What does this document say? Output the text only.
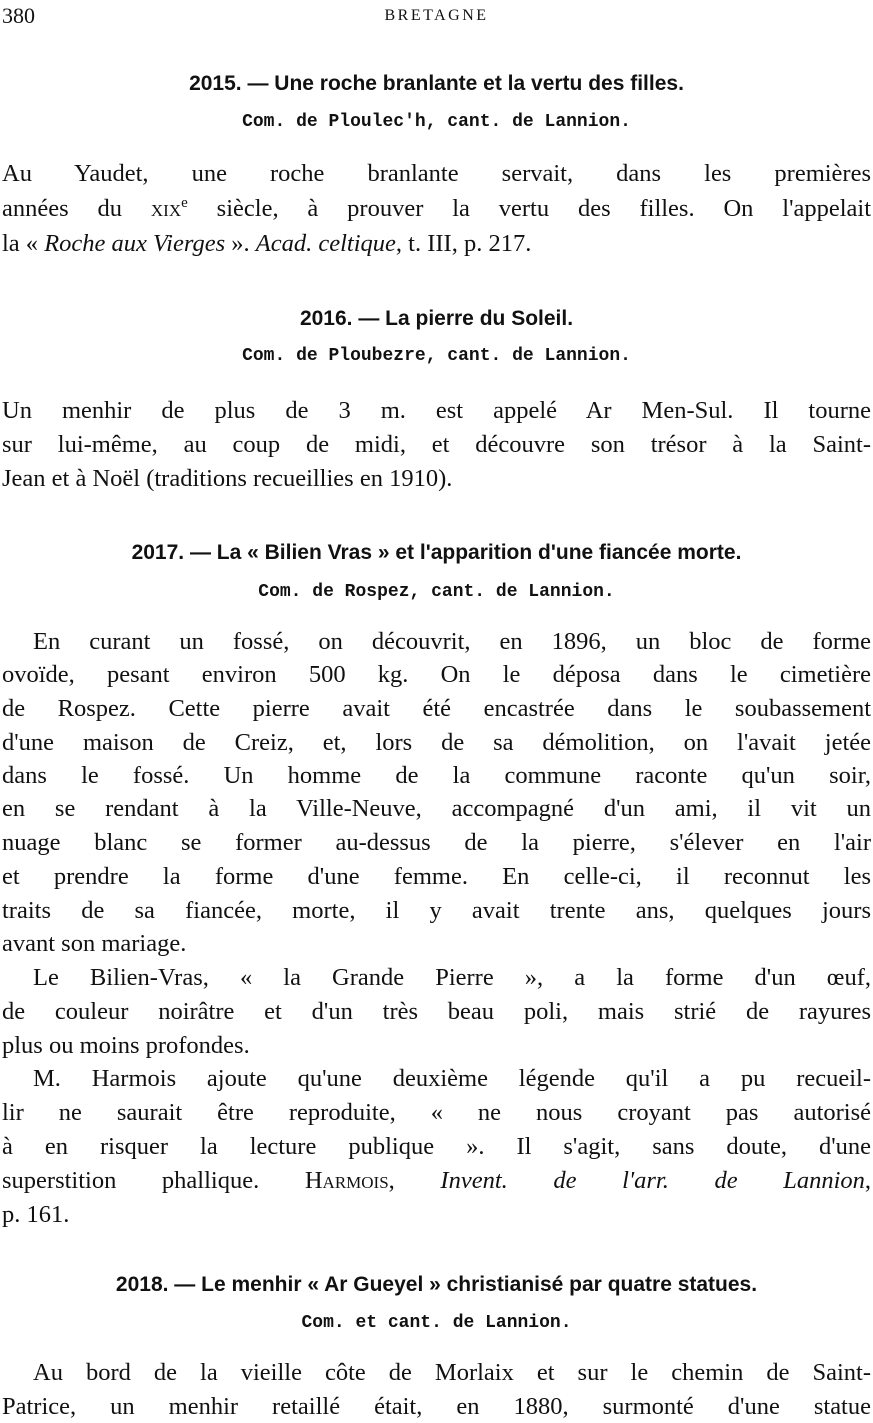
380	BRETAGNE
2015. — Une roche branlante et la vertu des filles.
Com. de Ploulec'h, cant. de Lannion.
Au Yaudet, une roche branlante servait, dans les premières
années du xix$^e$ siècle, à prouver la vertu des filles. On l'appelait
la « Roche aux Vierges ». Acad. celtique, t. III, p. 217.
2016. — La pierre du Soleil.
Com. de Ploubezre, cant. de Lannion.
Un menhir de plus de 3 m. est appelé Ar Men-Sul. Il tourne
sur lui-même, au coup de midi, et découvre son trésor à la Saint-
Jean et à Noël (traditions recueillies en 1910).
2017. — La « Bilien Vras » et l'apparition d'une fiancée morte.
Com. de Rospez, cant. de Lannion.
En curant un fossé, on découvrit, en 1896, un bloc de forme
ovoïde, pesant environ 500 kg. On le déposa dans le cimetière
de Rospez. Cette pierre avait été encastrée dans le soubassement
d'une maison de Creiz, et, lors de sa démolition, on l'avait jetée
dans le fossé. Un homme de la commune raconte qu'un soir,
en se rendant à la Ville-Neuve, accompagné d'un ami, il vit un
nuage blanc se former au-dessus de la pierre, s'élever en l'air
et prendre la forme d'une femme. En celle-ci, il reconnut les
traits de sa fiancée, morte, il y avait trente ans, quelques jours
avant son mariage.
Le Bilien-Vras, « la Grande Pierre », a la forme d'un œuf,
de couleur noirâtre et d'un très beau poli, mais strié de rayures
plus ou moins profondes.
M. Harmois ajoute qu'une deuxième légende qu'il a pu recueil-
lir ne saurait être reproduite, « ne nous croyant pas autorisé
à en risquer la lecture publique ». Il s'agit, sans doute, d'une
superstition phallique. Harmois, Invent. de l'arr. de Lannion,
p. 161.
2018. — Le menhir « Ar Gueyel » christianisé par quatre statues.
Com. et cant. de Lannion.
Au bord de la vieille côte de Morlaix et sur le chemin de Saint-
Patrice, un menhir retaillé était, en 1880, surmonté d'une statue
